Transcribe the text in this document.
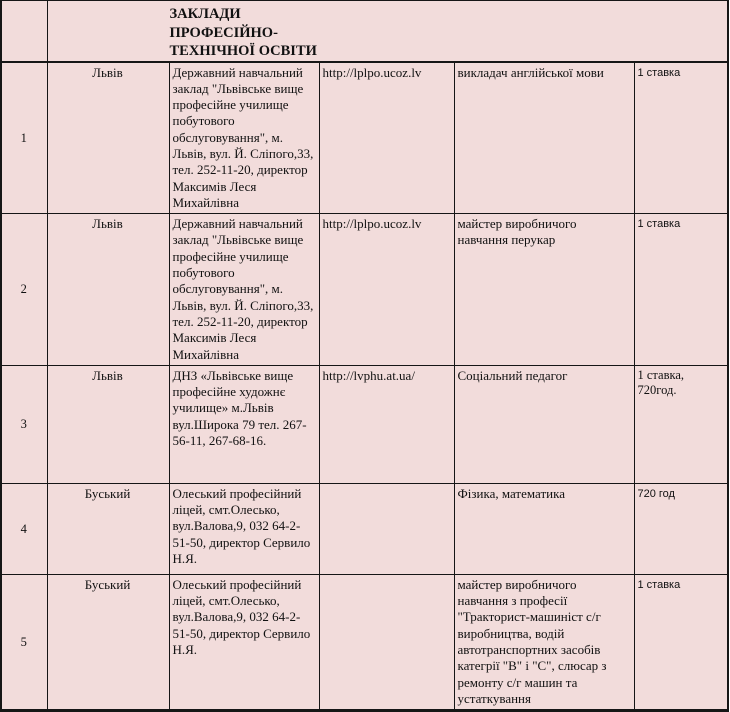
	ЗАКЛАДИ ПРОФЕСІЙНО-ТЕХНІЧНОЇ ОСВІТИ				

1	Львів	Державний навчальний заклад "Львівське вище професійне училище побутового обслуговування", м. Львів, вул. Й. Сліпого,33, тел. 252-11-20, директор Максимів Леся Михайлівна	http://lplpo.ucoz.lv	викладач англійської мови	1 ставка
2	Львів	Державний навчальний заклад "Львівське вище професійне училище побутового обслуговування", м. Львів, вул. Й. Сліпого,33, тел. 252-11-20, директор Максимів Леся Михайлівна	http://lplpo.ucoz.lv	майстер виробничого навчання перукар	1 ставка
3	Львів	ДНЗ «Львівське вище професійне художнє училище» м.Львів вул.Широка 79 тел. 267-56-11, 267-68-16.	http://lvphu.at.ua/	Соціальний педагог	1 ставка, 720год.
4	Буський	Олеський професійний ліцей, смт.Олесько, вул.Валова,9, 032 64-2-51-50, директор Сервило Н.Я.		Фізика, математика	720 год
5	Буський	Олеський професійний ліцей, смт.Олесько, вул.Валова,9, 032 64-2-51-50, директор Сервило Н.Я.		майстер виробничого навчання з професії "Тракторист-машиніст с/г виробництва, водій автотранспортних засобів категрії "В" і "С", слюсар з ремонту с/г машин та устаткування	1 ставка
